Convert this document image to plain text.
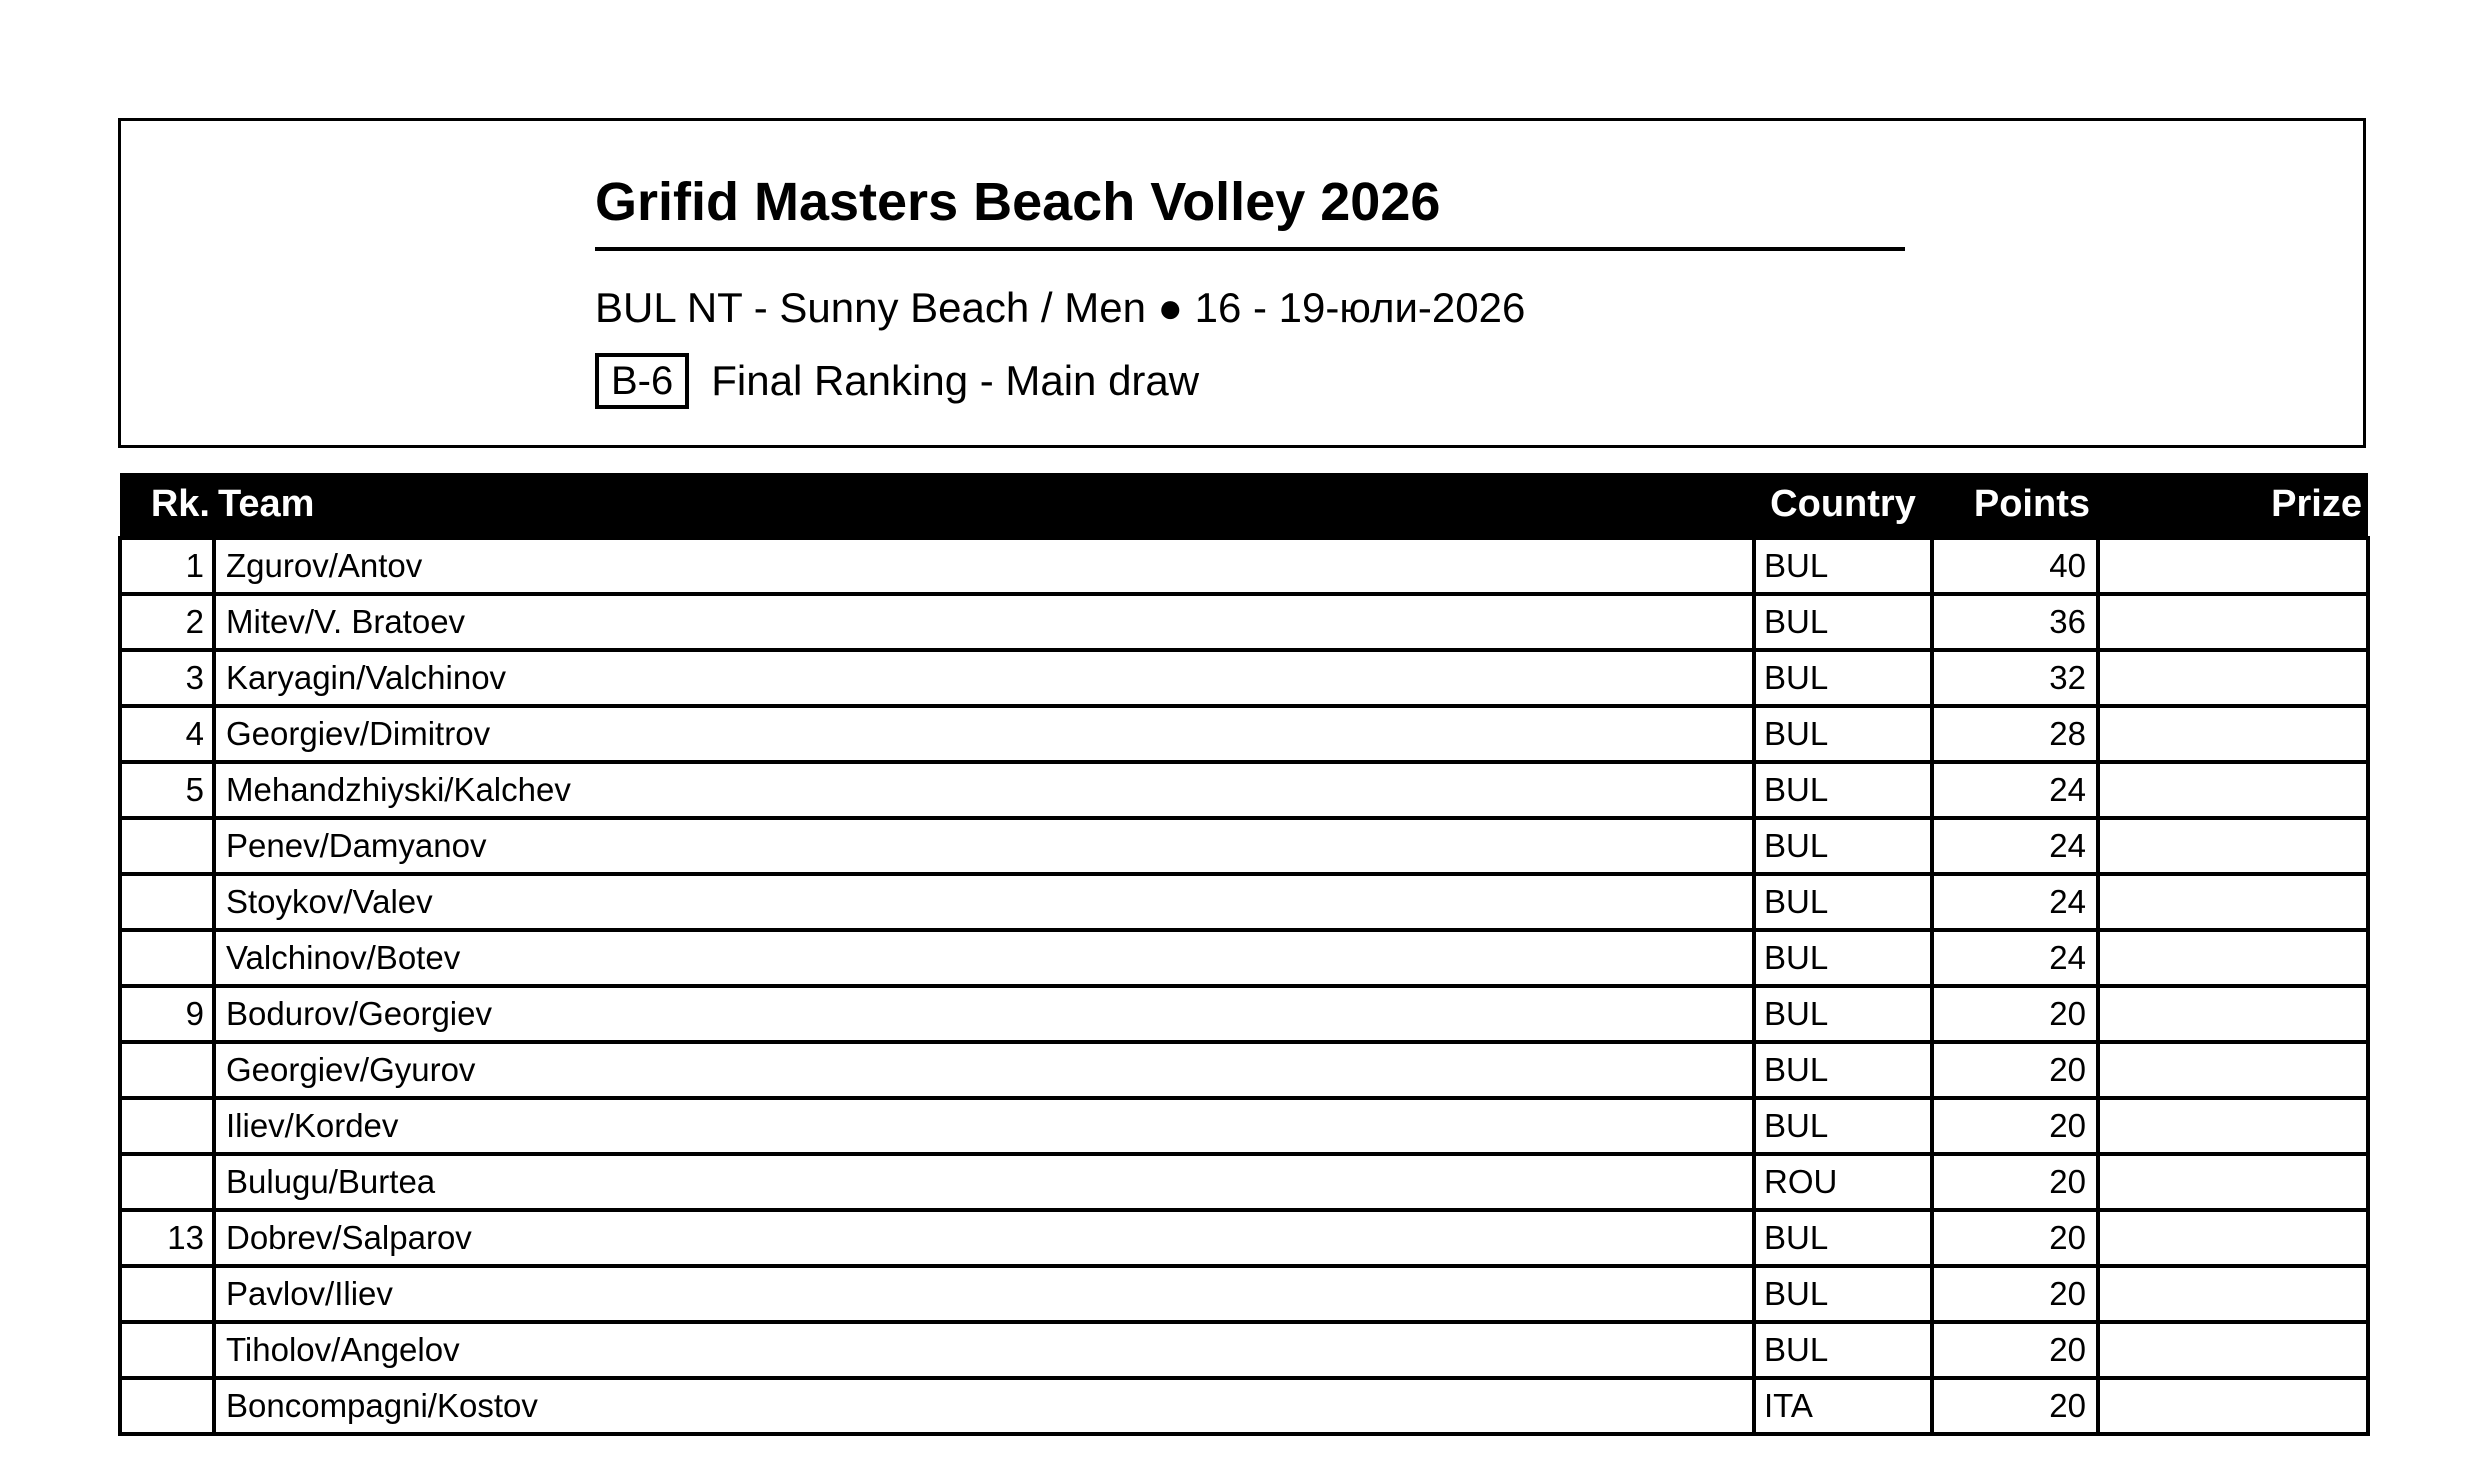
Grifid Masters Beach Volley 2026
BUL NT - Sunny Beach / Men ● 16 - 19-юли-2026
B-6 Final Ranking - Main draw
Rk.	Team	Country	Points	Prize
1	Zgurov/Antov	BUL	40	
2	Mitev/V. Bratoev	BUL	36	
3	Karyagin/Valchinov	BUL	32	
4	Georgiev/Dimitrov	BUL	28	
5	Mehandzhiyski/Kalchev	BUL	24	
	Penev/Damyanov	BUL	24	
	Stoykov/Valev	BUL	24	
	Valchinov/Botev	BUL	24	
9	Bodurov/Georgiev	BUL	20	
	Georgiev/Gyurov	BUL	20	
	Iliev/Kordev	BUL	20	
	Bulugu/Burtea	ROU	20	
13	Dobrev/Salparov	BUL	20	
	Pavlov/Iliev	BUL	20	
	Tiholov/Angelov	BUL	20	
	Boncompagni/Kostov	ITA	20	
